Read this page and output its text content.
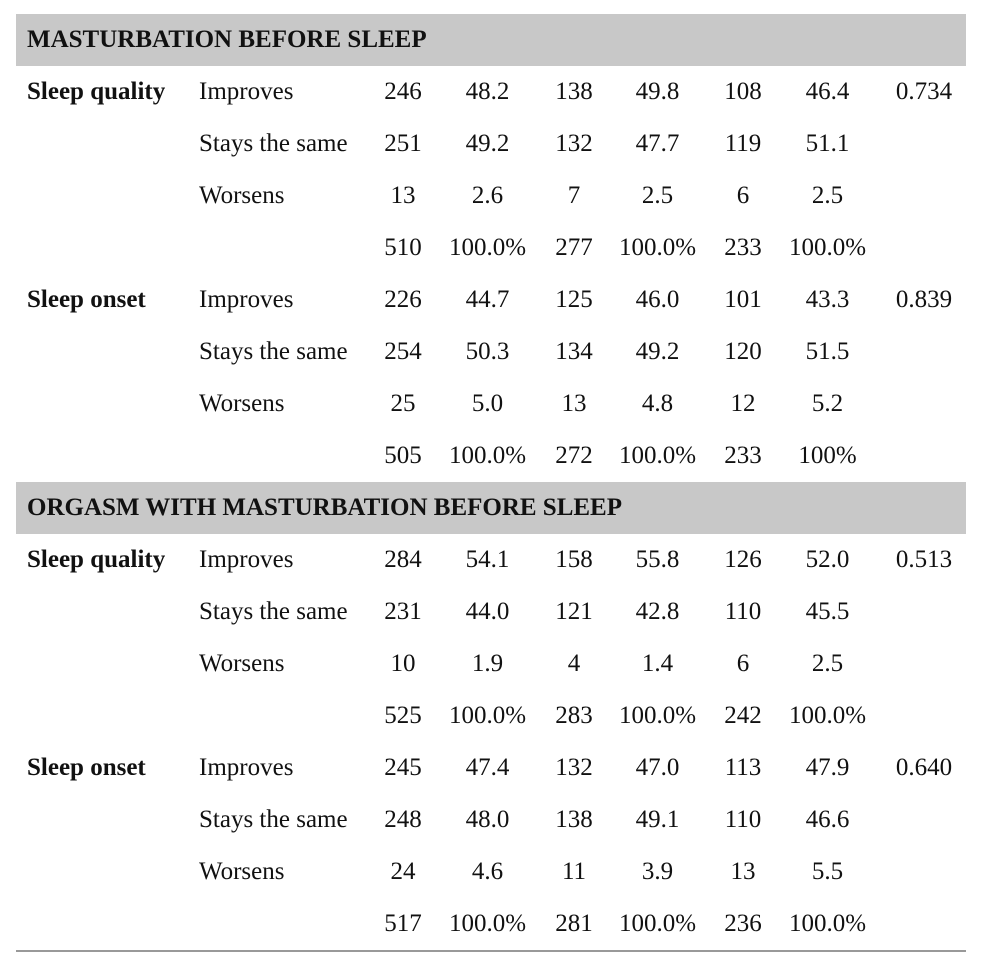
MASTURBATION BEFORE SLEEP
Sleep quality Improves	246	48.2	138	49.8	108	46.4	0.734
Stays the same	251	49.2	132	47.7	119	51.1
Worsens	13	2.6	7	2.5	6	2.5
510	100.0%	277	100.0%	233	100.0%
Sleep onset Improves	226	44.7	125	46.0	101	43.3	0.839
Stays the same	254	50.3	134	49.2	120	51.5
Worsens	25	5.0	13	4.8	12	5.2
505	100.0%	272	100.0%	233	100%
ORGASM WITH MASTURBATION BEFORE SLEEP
Sleep quality Improves	284	54.1	158	55.8	126	52.0	0.513
Stays the same	231	44.0	121	42.8	110	45.5
Worsens	10	1.9	4	1.4	6	2.5
525	100.0%	283	100.0%	242	100.0%
Sleep onset Improves	245	47.4	132	47.0	113	47.9	0.640
Stays the same	248	48.0	138	49.1	110	46.6
Worsens	24	4.6	11	3.9	13	5.5
517	100.0%	281	100.0%	236	100.0%
